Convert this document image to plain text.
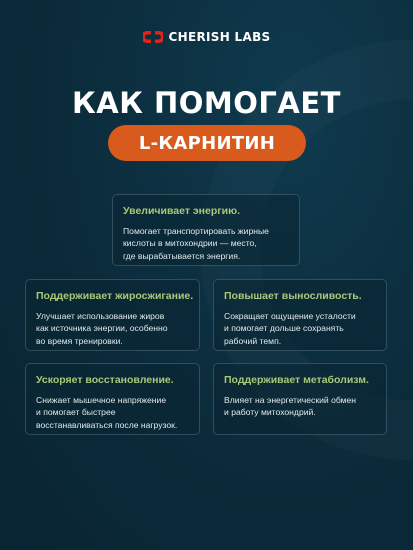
CHERISH LABS
КАК ПОМОГАЕТ
L-КАРНИТИН
Увеличивает энергию.
Помогает транспортировать жирные
кислоты в митохондрии — место,
где вырабатывается энергия.
Поддерживает жиросжигание.
Улучшает использование жиров
как источника энергии, особенно
во время тренировки.
Повышает выносливость.
Сокращает ощущение усталости
и помогает дольше сохранять
рабочий темп.
Ускоряет восстановление.
Снижает мышечное напряжение
и помогает быстрее
восстанавливаться после нагрузок.
Поддерживает метаболизм.
Влияет на энергетический обмен
и работу митохондрий.
